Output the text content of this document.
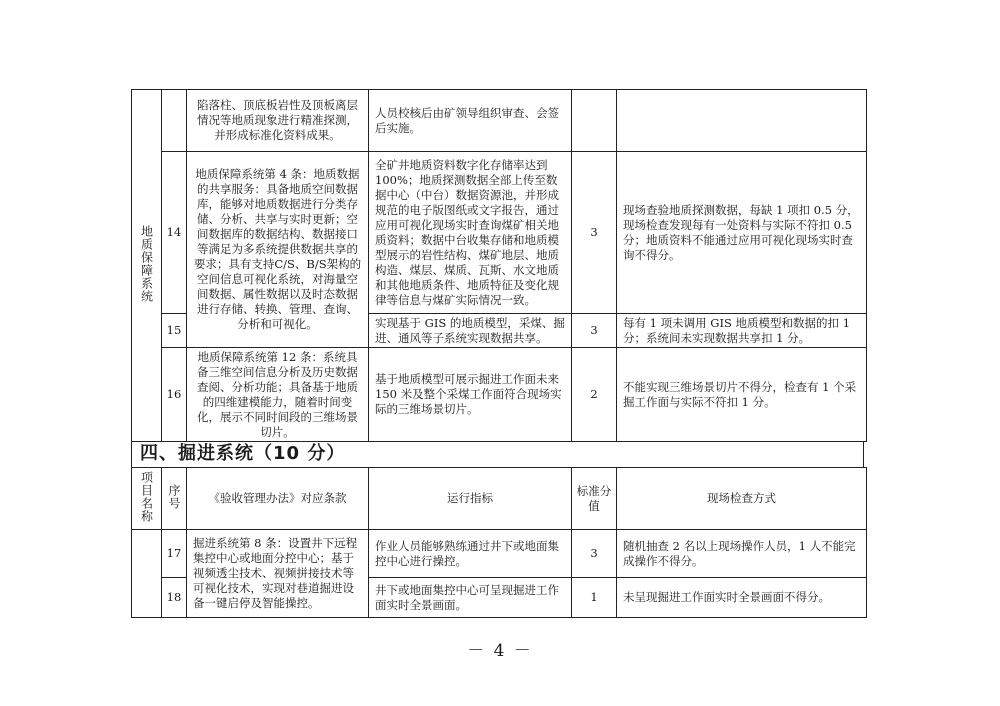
地质保障系统		陷落柱、顶底板岩性及顶板离层情况等地质现象进行精准探测，并形成标准化资料成果。	人员校核后由矿领导组织审查、会签后实施。		
	14	地质保障系统第 4 条：地质数据的共享服务：具备地质空间数据库，能够对地质数据进行分类存储、分析、共享与实时更新；空间数据库的数据结构、数据接口等满足为多系统提供数据共享的要求；具有支持C/S、B/S架构的空间信息可视化系统，对海量空间数据、属性数据以及时态数据进行存储、转换、管理、查询、分析和可视化。	全矿井地质资料数字化存储率达到100%；地质探测数据全部上传至数据中心（中台）数据资源池，并形成规范的电子版图纸或文字报告，通过应用可视化现场实时查询煤矿相关地质资料；数据中台收集存储和地质模型展示的岩性结构、煤矿地层、地质构造、煤层、煤质、瓦斯、水文地质和其他地质条件、地质特征及变化规律等信息与煤矿实际情况一致。	3	现场查验地质探测数据，每缺 1 项扣 0.5 分，现场检查发现每有一处资料与实际不符扣 0.5 分；地质资料不能通过应用可视化现场实时查询不得分。
	15		实现基于 GIS 的地质模型，采煤、掘进、通风等子系统实现数据共享。	3	每有 1 项未调用 GIS 地质模型和数据的扣 1 分；系统间未实现数据共享扣 1 分。
	16	地质保障系统第 12 条：系统具备三维空间信息分析及历史数据查阅、分析功能；具备基于地质的四维建模能力，随着时间变化，展示不同时间段的三维场景切片。	基于地质模型可展示掘进工作面未来 150 米及整个采煤工作面符合现场实际的三维场景切片。	2	不能实现三维场景切片不得分，检查有 1 个采掘工作面与实际不符扣 1 分。
四、掘进系统（10 分）
项目名称	序号	《验收管理办法》对应条款	运行指标	标准分值	现场检查方式
	17	掘进系统第 8 条：设置井下远程集控中心或地面分控中心；基于视频透尘技术、视频拼接技术等可视化技术，实现对巷道掘进设备一键启停及智能操控。	作业人员能够熟练通过井下或地面集控中心进行操控。	3	随机抽查 2 名以上现场操作人员，1 人不能完成操作不得分。
	18		井下或地面集控中心可呈现掘进工作面实时全景画面。	1	未呈现掘进工作面实时全景画面不得分。
－ 4 －
